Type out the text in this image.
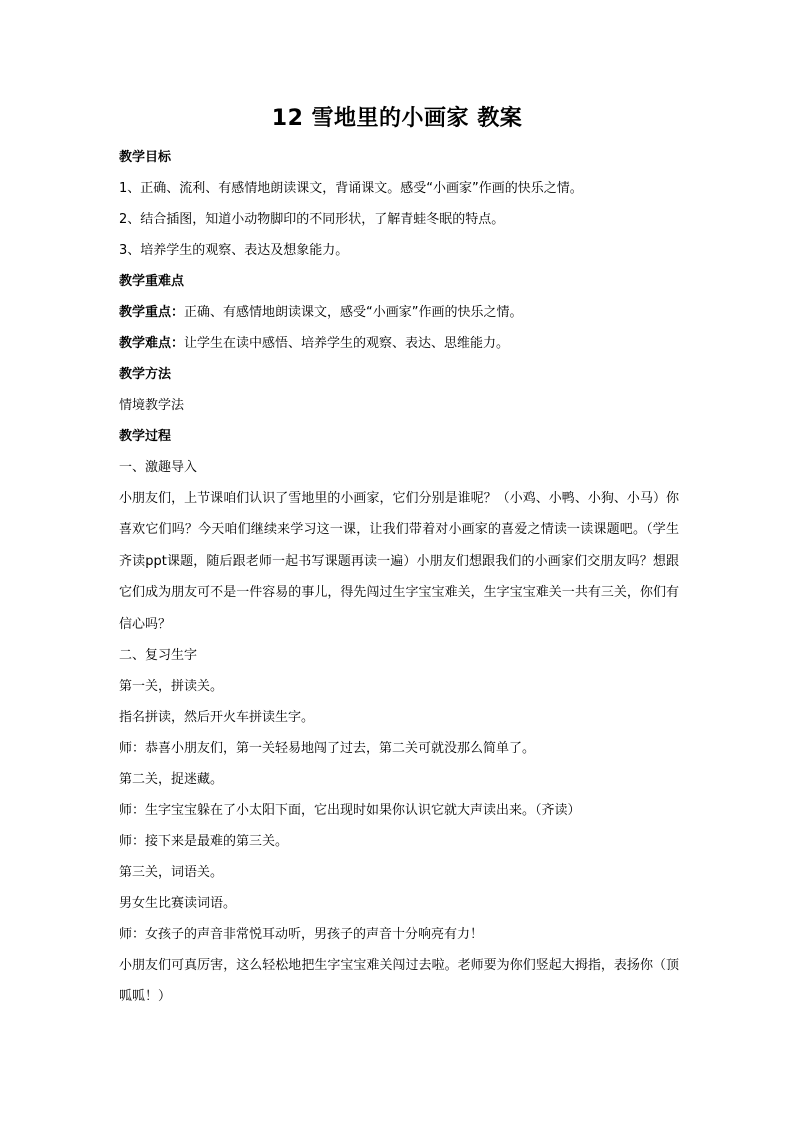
12 雪地里的小画家 教案
教学目标
1、正确、流利、有感情地朗读课文，背诵课文。感受“小画家”作画的快乐之情。
2、结合插图，知道小动物脚印的不同形状，了解青蛙冬眠的特点。
3、培养学生的观察、表达及想象能力。
教学重难点
教学重点：正确、有感情地朗读课文，感受“小画家”作画的快乐之情。
教学难点：让学生在读中感悟、培养学生的观察、表达、思维能力。
教学方法
情境教学法
教学过程
一、激趣导入
小朋友们，上节课咱们认识了雪地里的小画家，它们分别是谁呢？（小鸡、小鸭、小狗、小马）你喜欢它们吗？今天咱们继续来学习这一课，让我们带着对小画家的喜爱之情读一读课题吧。（学生齐读ppt课题，随后跟老师一起书写课题再读一遍）小朋友们想跟我们的小画家们交朋友吗？想跟它们成为朋友可不是一件容易的事儿，得先闯过生字宝宝难关，生字宝宝难关一共有三关，你们有信心吗？
二、复习生字
第一关，拼读关。
指名拼读，然后开火车拼读生字。
师：恭喜小朋友们，第一关轻易地闯了过去，第二关可就没那么简单了。
第二关，捉迷藏。
师：生字宝宝躲在了小太阳下面，它出现时如果你认识它就大声读出来。（齐读）
师：接下来是最难的第三关。
第三关，词语关。
男女生比赛读词语。
师：女孩子的声音非常悦耳动听，男孩子的声音十分响亮有力！
小朋友们可真厉害，这么轻松地把生字宝宝难关闯过去啦。老师要为你们竖起大拇指，表扬你（顶呱呱！）
